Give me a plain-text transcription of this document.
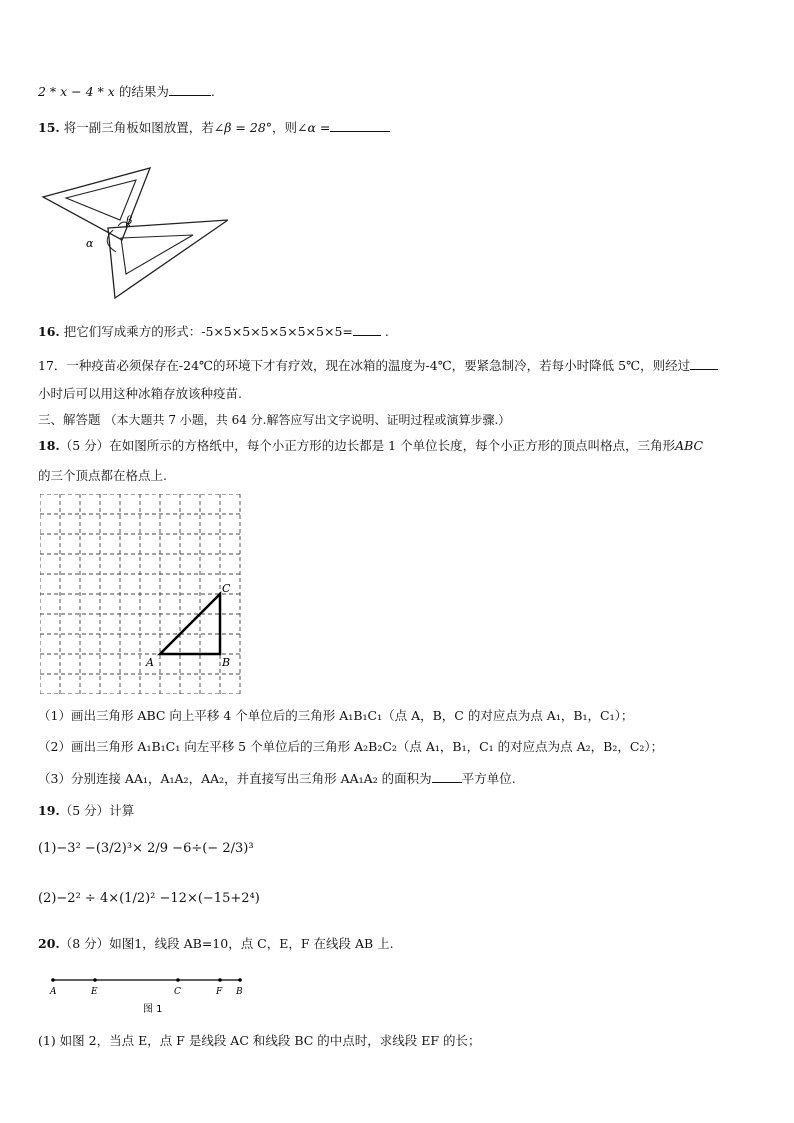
2 * x − 4 * x 的结果为	.
15. 将一副三角板如图放置，若∠β = 28°，则∠α =
α
β
16. 把它们写成乘方的形式：-5×5×5×5×5×5×5×5=	.
17．一种疫苗必须保存在-24℃的环境下才有疗效，现在冰箱的温度为-4℃，要紧急制冷，若每小时降低 5℃，则经过
小时后可以用这种冰箱存放该种疫苗.
三、解答题 （本大题共 7 小题，共 64 分.解答应写出文字说明、证明过程或演算步骤.）
18.（5 分）在如图所示的方格纸中，每个小正方形的边长都是 1 个单位长度，每个小正方形的顶点叫格点，三角形ABC
的三个顶点都在格点上.
A	B
C
（1）画出三角形 ABC 向上平移 4 个单位后的三角形 A₁B₁C₁（点 A，B，C 的对应点为点 A₁，B₁，C₁）；
（2）画出三角形 A₁B₁C₁ 向左平移 5 个单位后的三角形 A₂B₂C₂（点 A₁，B₁，C₁ 的对应点为点 A₂，B₂，C₂）；
（3）分别连接 AA₁，A₁A₂，AA₂，并直接写出三角形 AA₁A₂ 的面积为 平方单位.
19.（5 分）计算
(1)−3² −(3/2)³× 2/9 −6÷(− 2/3)³
(2)−2² ÷ 4×(1/2)² −12×(−15+2⁴)
20.（8 分）如图1，线段 AB=10，点 C，E，F 在线段 AB 上.
A	E	C	F B
图 1
(1) 如图 2，当点 E，点 F 是线段 AC 和线段 BC 的中点时，求线段 EF 的长；
